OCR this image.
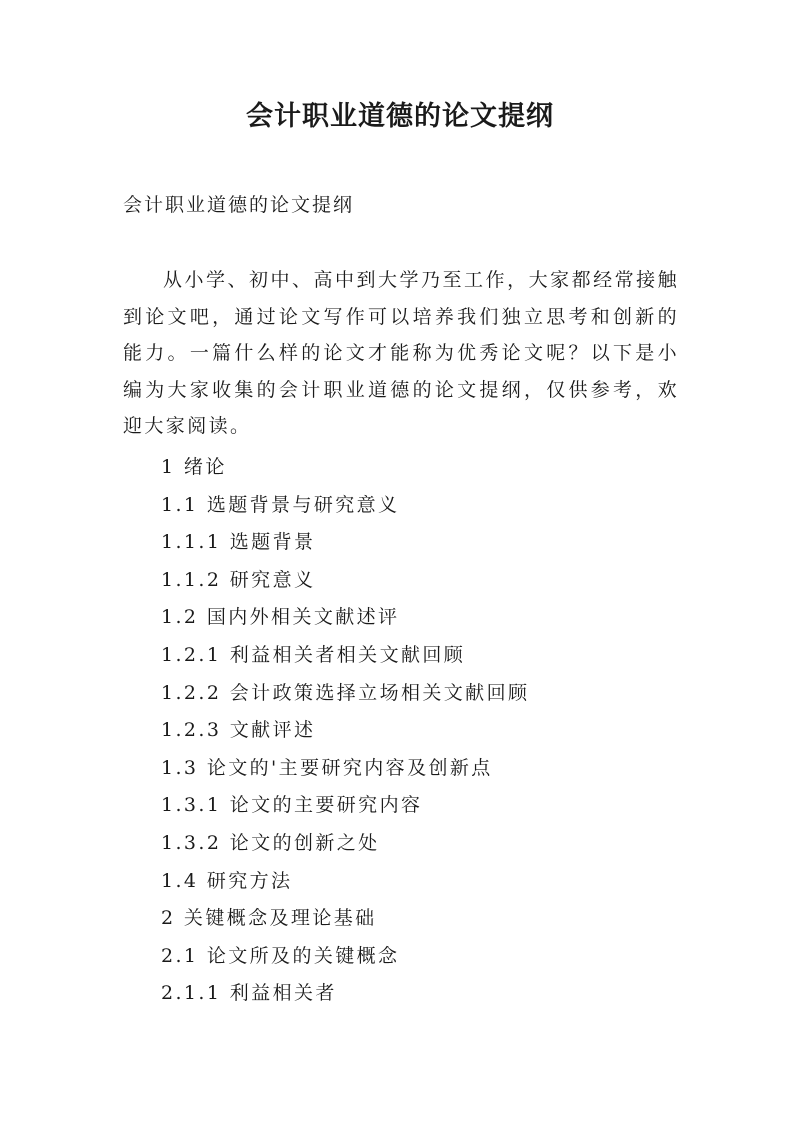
会计职业道德的论文提纲
会计职业道德的论文提纲

从小学、初中、高中到大学乃至工作，大家都经常接触到论文吧，通过论文写作可以培养我们独立思考和创新的能力。一篇什么样的论文才能称为优秀论文呢？以下是小编为大家收集的会计职业道德的论文提纲，仅供参考，欢迎大家阅读。

1 绪论
1.1 选题背景与研究意义
1.1.1 选题背景
1.1.2 研究意义
1.2 国内外相关文献述评
1.2.1 利益相关者相关文献回顾
1.2.2 会计政策选择立场相关文献回顾
1.2.3 文献评述
1.3 论文的'主要研究内容及创新点
1.3.1 论文的主要研究内容
1.3.2 论文的创新之处
1.4 研究方法
2 关键概念及理论基础
2.1 论文所及的关键概念
2.1.1 利益相关者
